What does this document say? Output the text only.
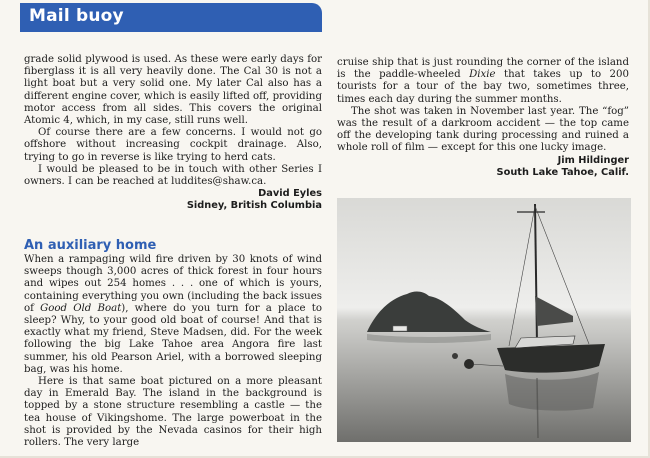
Mail buoy

grade solid plywood is used. As these were early days for fiberglass it is all very heavily done. The Cal 30 is not a light boat but a very solid one. My later Cal also has a different engine cover, which is easily lifted off, providing motor access from all sides. This covers the original Atomic 4, which, in my case, still runs well.

Of course there are a few concerns. I would not go offshore without increasing cockpit drainage. Also, trying to go in reverse is like trying to herd cats.

I would be pleased to be in touch with other Series I owners. I can be reached at luddites@shaw.ca.

David Eyles
Sidney, British Columbia
An auxiliary home

When a rampaging wild fire driven by 30 knots of wind sweeps though 3,000 acres of thick forest in four hours and wipes out 254 homes . . . one of which is yours, containing everything you own (including the back issues of Good Old Boat), where do you turn for a place to sleep? Why, to your good old boat of course! And that is exactly what my friend, Steve Madsen, did. For the week following the big Lake Tahoe area Angora fire last summer, his old Pearson Ariel, with a borrowed sleeping bag, was his home.

Here is that same boat pictured on a more pleasant day in Emerald Bay. The island in the background is topped by a stone structure resembling a castle — the tea house of Vikingshome. The large powerboat in the shot is provided by the Nevada casinos for their high rollers. The very large

cruise ship that is just rounding the corner of the island is the paddle-wheeled Dixie that takes up to 200 tourists for a tour of the bay two, sometimes three, times each day during the summer months.

The shot was taken in November last year. The “fog” was the result of a darkroom accident — the top came off the developing tank during processing and ruined a whole roll of film — except for this one lucky image.

Jim Hildinger
South Lake Tahoe, Calif.
